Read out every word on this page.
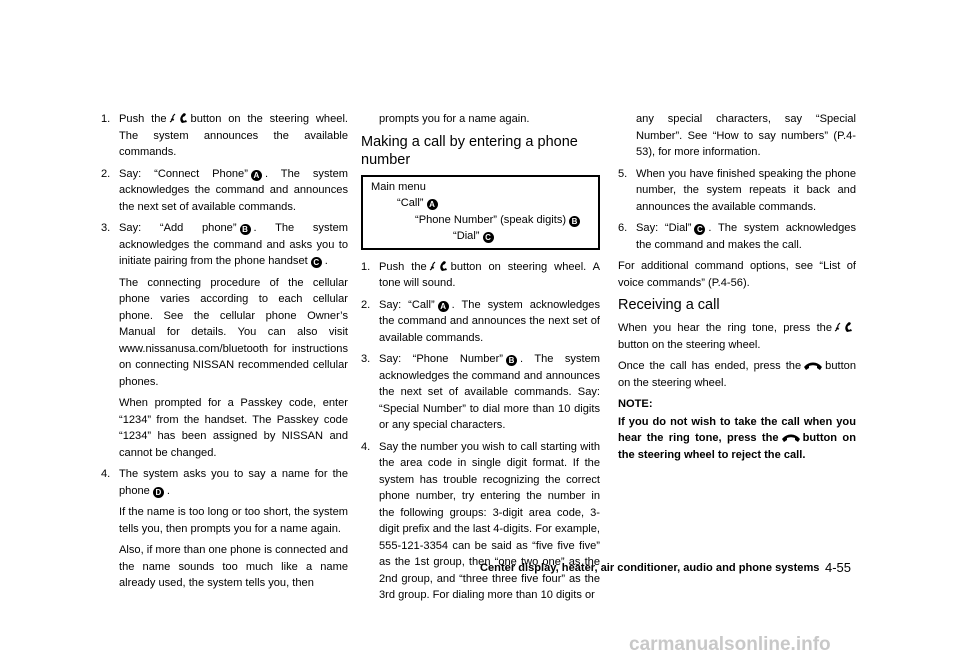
1. Push the button on the steering wheel. The system announces the available commands.

2. Say: “Connect Phone” A . The system acknowledges the command and announces the next set of available commands.

3. Say: “Add phone” B . The system acknowledges the command and asks you to initiate pairing from the phone handset C .

The connecting procedure of the cellular phone varies according to each cellular phone. See the cellular phone Owner’s Manual for details. You can also visit www.nissanusa.com/bluetooth for instructions on connecting NISSAN recommended cellular phones.

When prompted for a Passkey code, enter “1234” from the handset. The Passkey code “1234” has been assigned by NISSAN and cannot be changed.

4. The system asks you to say a name for the phone D .

If the name is too long or too short, the system tells you, then prompts you for a name again.

Also, if more than one phone is connected and the name sounds too much like a name already used, the system tells you, then

prompts you for a name again.

Making a call by entering a phone number
Main menu
“Call” A
“Phone Number” (speak digits) B
“Dial” C
1. Push the button on steering wheel. A tone will sound.

2. Say: “Call” A . The system acknowledges the command and announces the next set of available commands.

3. Say: “Phone Number” B . The system acknowledges the command and announces the next set of available commands. Say: “Special Number” to dial more than 10 digits or any special characters.

4. Say the number you wish to call starting with the area code in single digit format. If the system has trouble recognizing the correct phone number, try entering the number in the following groups: 3-digit area code, 3-digit prefix and the last 4-digits. For example, 555-121-3354 can be said as “five five five” as the 1st group, then “one two one” as the 2nd group, and “three three five four” as the 3rd group. For dialing more than 10 digits or

any special characters, say “Special Number”. See “How to say numbers” (P.4-53), for more information.

5. When you have finished speaking the phone number, the system repeats it back and announces the available commands.

6. Say: “Dial” C . The system acknowledges the command and makes the call.

For additional command options, see “List of voice commands” (P.4-56).

Receiving a call

When you hear the ring tone, press thebutton on the steering wheel.

Once the call has ended, press the button on the steering wheel.

NOTE:

If you do not wish to take the call when you hear the ring tone, press the button on the steering wheel to reject the call.

Center display, heater, air conditioner, audio and phone systems 4-55
carmanualsonline.info
